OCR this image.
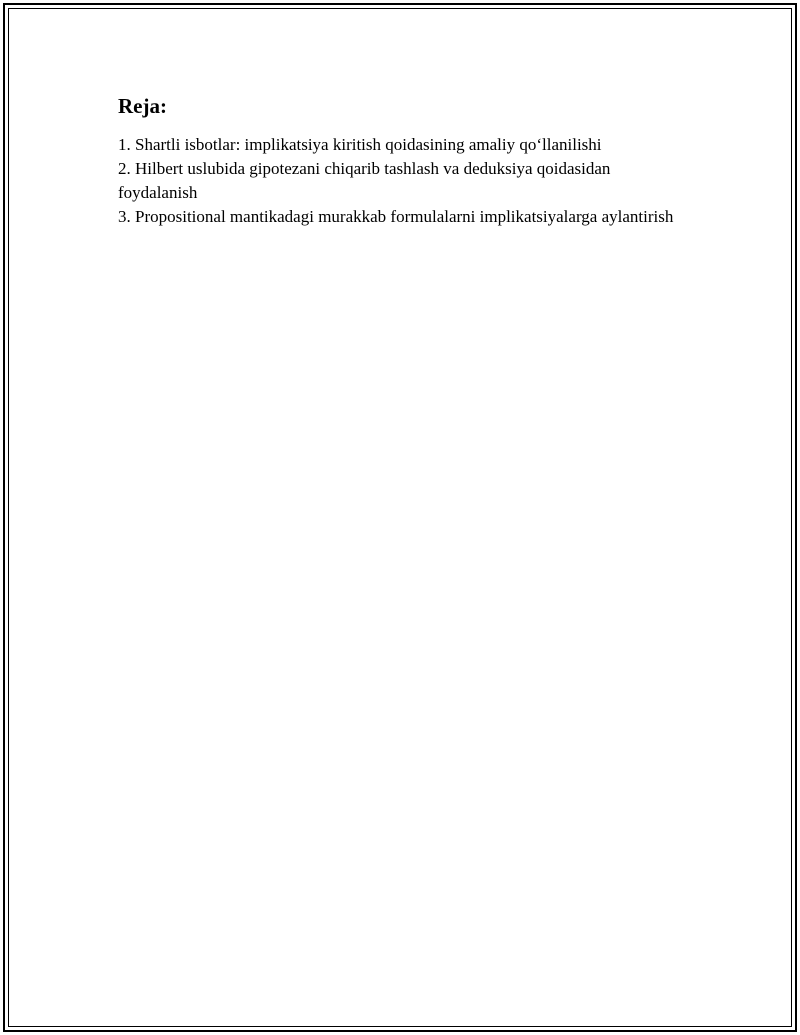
Reja:
1. Shartli isbotlar: implikatsiya kiritish qoidasining amaliy qo‘llanilishi
2. Hilbert uslubida gipotezani chiqarib tashlash va deduksiya qoidasidan foydalanish
3. Propositional mantikadagi murakkab formulalarni implikatsiyalarga aylantirish
